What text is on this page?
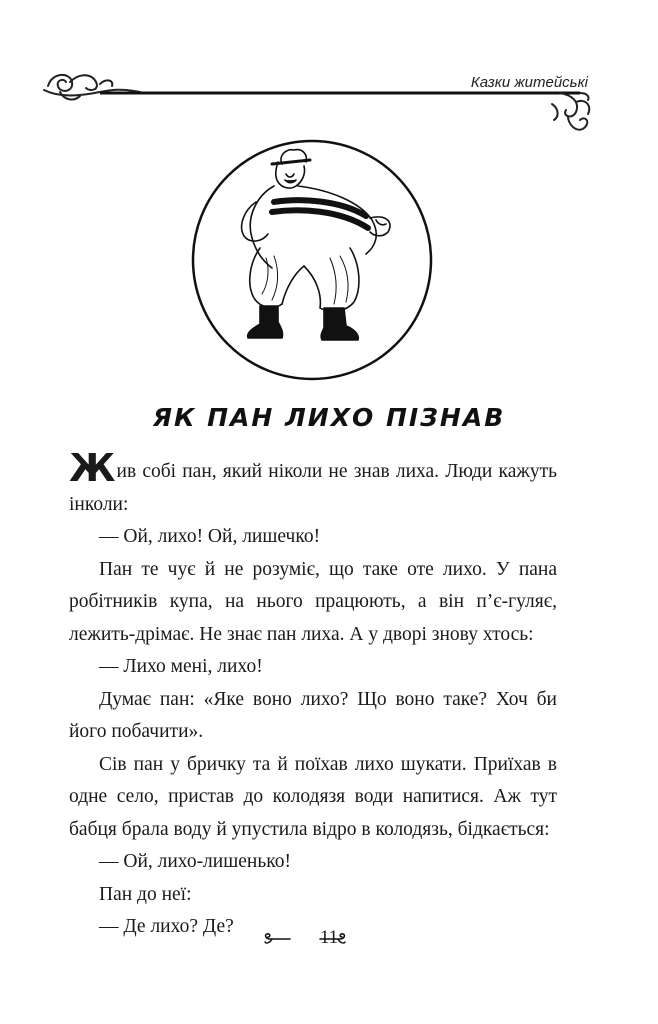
Казки житейські
ЯК ПАН ЛИХО ПІЗНАВ

Жив собі пан, який ніколи не знав лиха. Люди кажуть інколи:

— Ой, лихо! Ой, лишечко!

Пан те чує й не розуміє, що таке оте лихо. У пана робітників купа, на нього працюють, а він п’є-гуляє, лежить-дрімає. Не знає пан лиха. А у дворі знову хтось:

— Лихо мені, лихо!

Думає пан: «Яке воно лихо? Що воно таке? Хоч би його побачити».

Сів пан у бричку та й поїхав лихо шукати. Приїхав в одне село, пристав до колодязя води напитися. Аж тут бабця брала воду й упустила відро в колодязь, бідкається:

— Ой, лихо-лишенько!

Пан до неї:

— Де лихо? Де?

11
